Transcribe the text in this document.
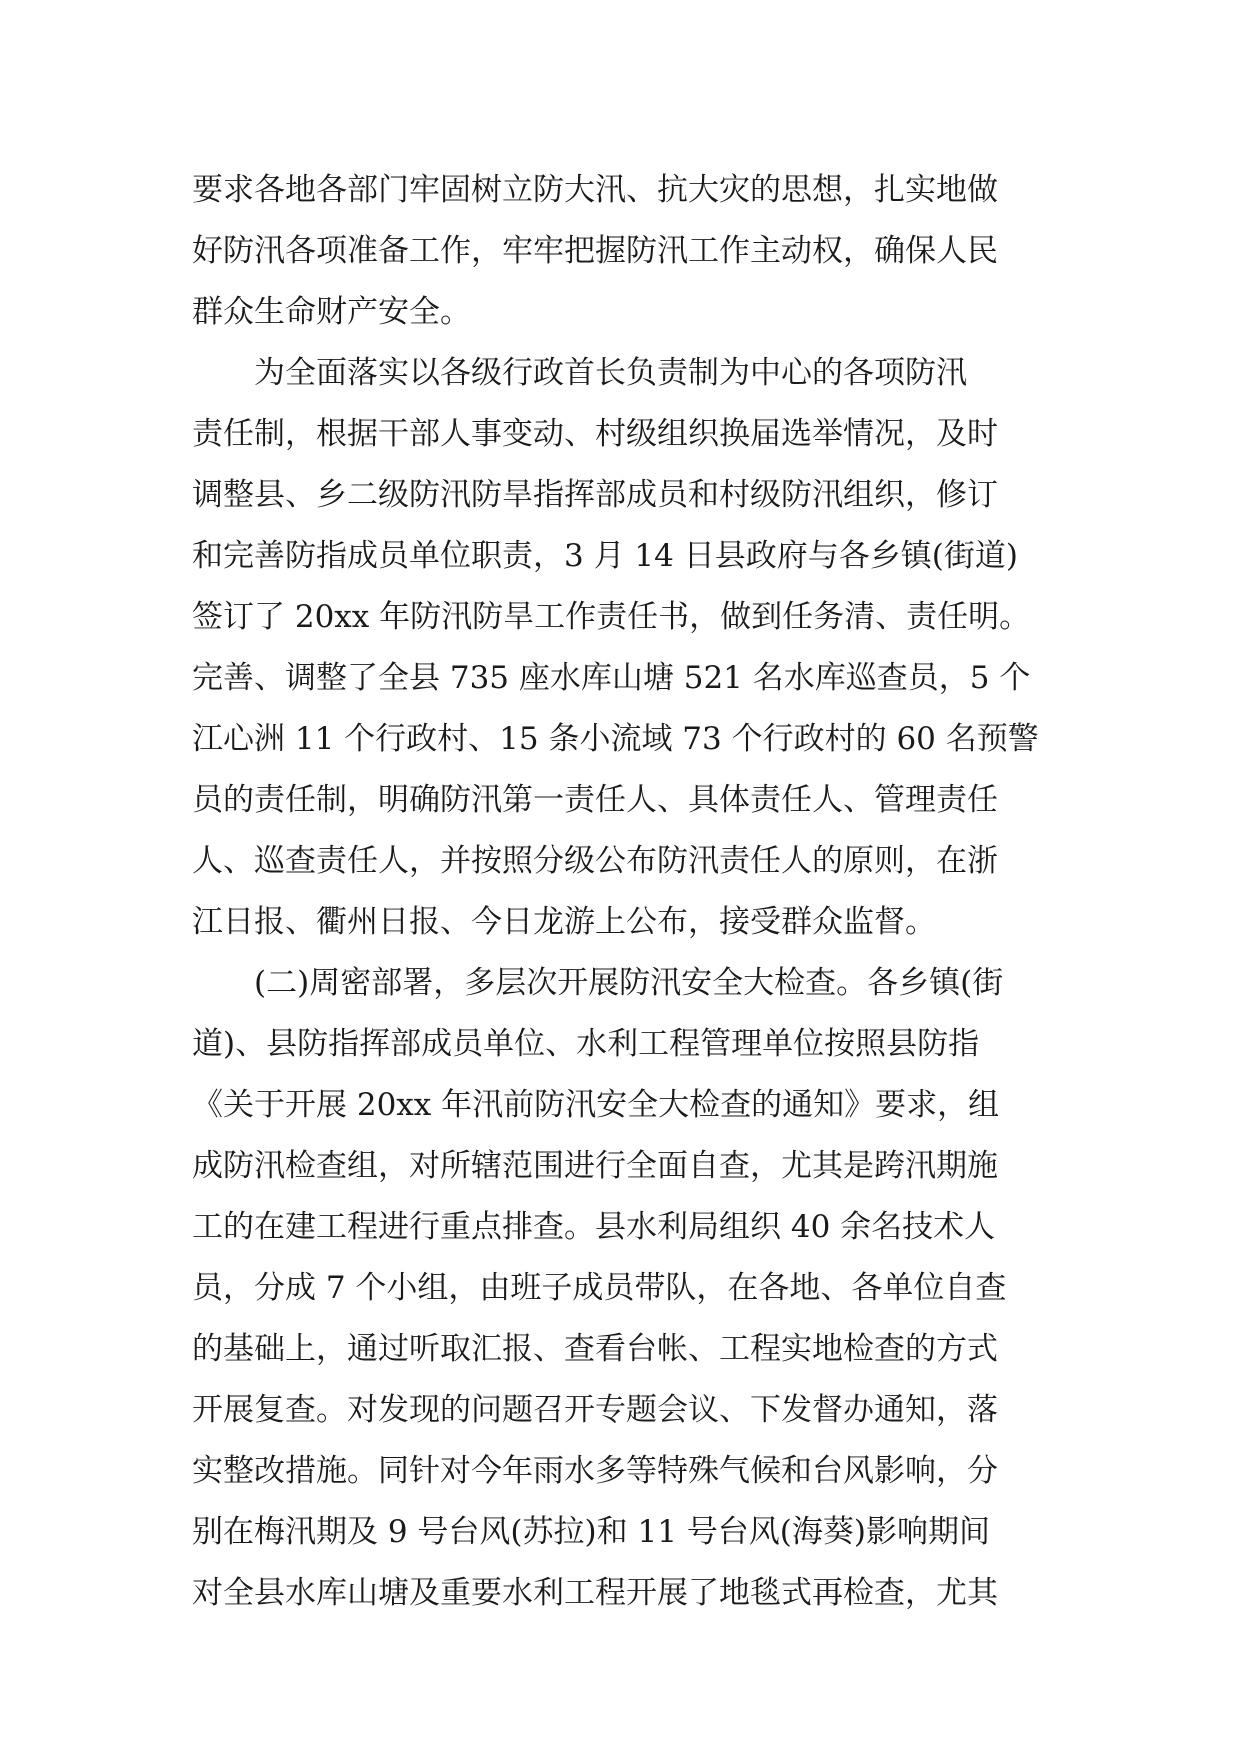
要求各地各部门牢固树立防大汛、抗大灾的思想，扎实地做
好防汛各项准备工作，牢牢把握防汛工作主动权，确保人民
群众生命财产安全。
为全面落实以各级行政首长负责制为中心的各项防汛
责任制，根据干部人事变动、村级组织换届选举情况，及时
调整县、乡二级防汛防旱指挥部成员和村级防汛组织，修订
和完善防指成员单位职责，3 月 14 日县政府与各乡镇(街道)
签订了 20xx 年防汛防旱工作责任书，做到任务清、责任明。
完善、调整了全县 735 座水库山塘 521 名水库巡查员，5 个
江心洲 11 个行政村、15 条小流域 73 个行政村的 60 名预警
员的责任制，明确防汛第一责任人、具体责任人、管理责任
人、巡查责任人，并按照分级公布防汛责任人的原则，在浙
江日报、衢州日报、今日龙游上公布，接受群众监督。
(二)周密部署，多层次开展防汛安全大检查。各乡镇(街
道)、县防指挥部成员单位、水利工程管理单位按照县防指
《关于开展 20xx 年汛前防汛安全大检查的通知》要求，组
成防汛检查组，对所辖范围进行全面自查，尤其是跨汛期施
工的在建工程进行重点排查。县水利局组织 40 余名技术人
员，分成 7 个小组，由班子成员带队，在各地、各单位自查
的基础上，通过听取汇报、查看台帐、工程实地检查的方式
开展复查。对发现的问题召开专题会议、下发督办通知，落
实整改措施。同针对今年雨水多等特殊气候和台风影响，分
别在梅汛期及 9 号台风(苏拉)和 11 号台风(海葵)影响期间
对全县水库山塘及重要水利工程开展了地毯式再检查，尤其
